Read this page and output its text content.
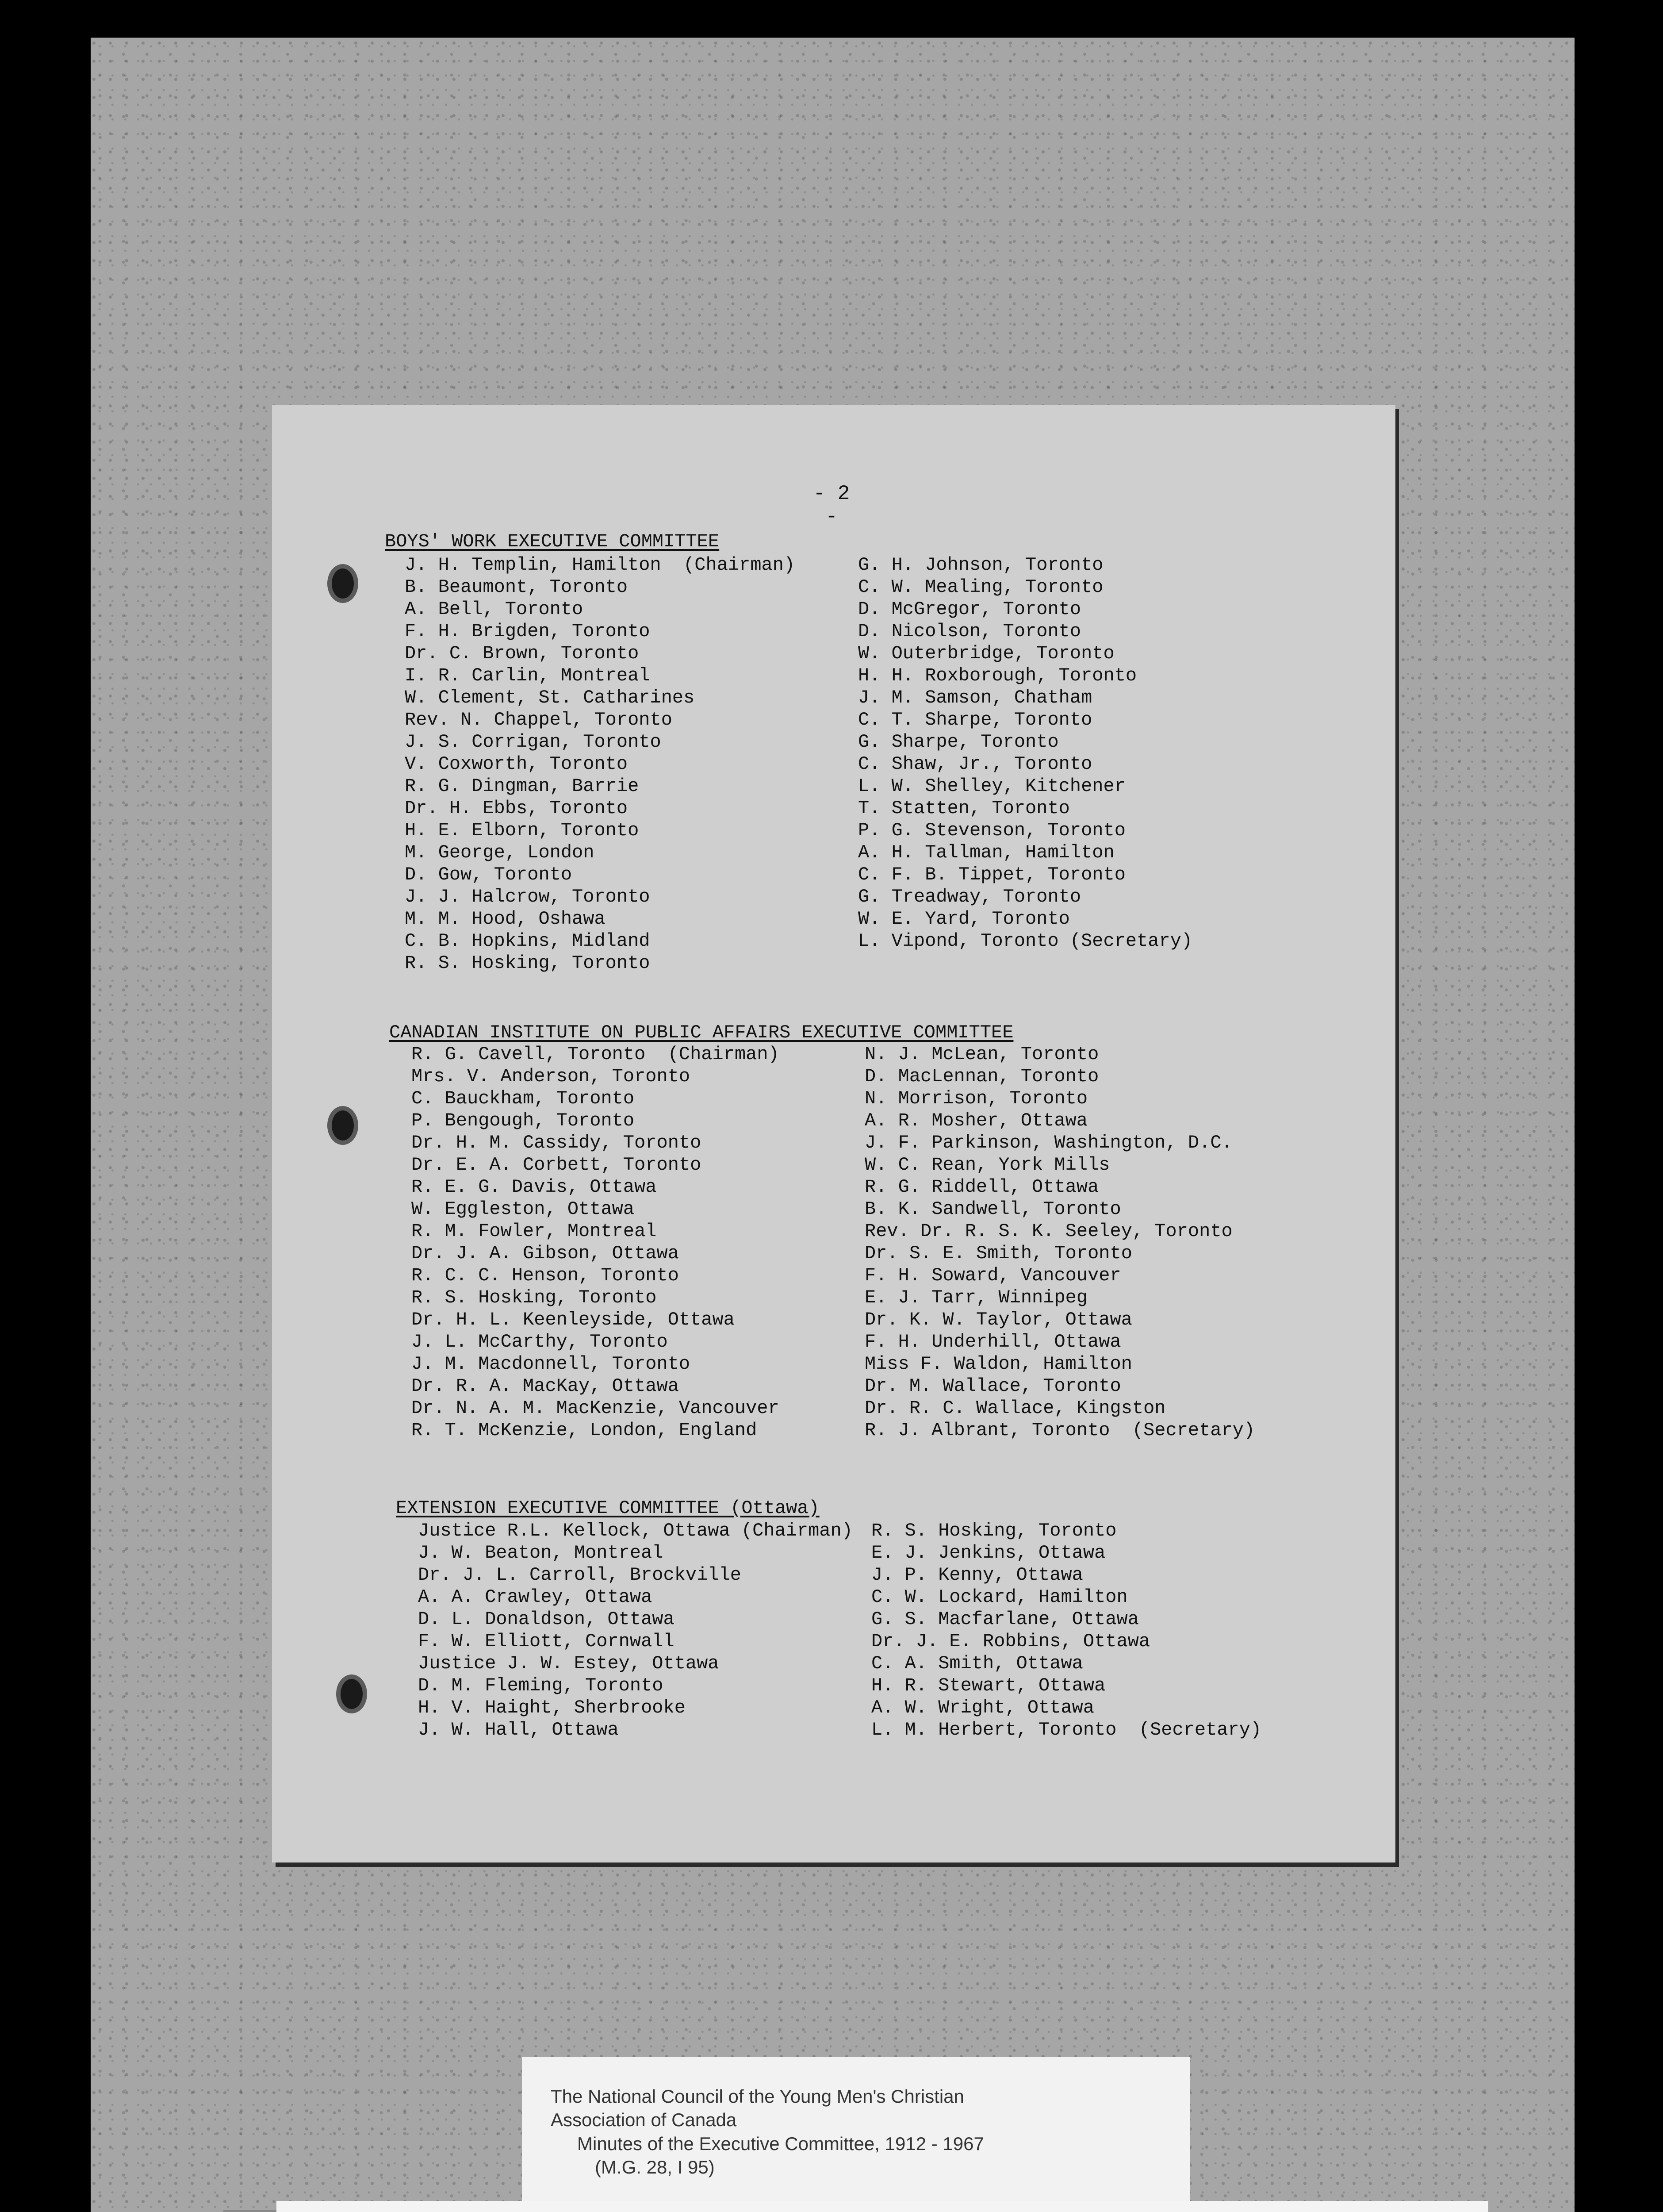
- 2 -
BOYS' WORK EXECUTIVE COMMITTEE
J. H. Templin, Hamilton  (Chairman)
B. Beaumont, Toronto
A. Bell, Toronto
F. H. Brigden, Toronto
Dr. C. Brown, Toronto
I. R. Carlin, Montreal
W. Clement, St. Catharines
Rev. N. Chappel, Toronto
J. S. Corrigan, Toronto
V. Coxworth, Toronto
R. G. Dingman, Barrie
Dr. H. Ebbs, Toronto
H. E. Elborn, Toronto
M. George, London
D. Gow, Toronto
J. J. Halcrow, Toronto
M. M. Hood, Oshawa
C. B. Hopkins, Midland
R. S. Hosking, Toronto
G. H. Johnson, Toronto
C. W. Mealing, Toronto
D. McGregor, Toronto
D. Nicolson, Toronto
W. Outerbridge, Toronto
H. H. Roxborough, Toronto
J. M. Samson, Chatham
C. T. Sharpe, Toronto
G. Sharpe, Toronto
C. Shaw, Jr., Toronto
L. W. Shelley, Kitchener
T. Statten, Toronto
P. G. Stevenson, Toronto
A. H. Tallman, Hamilton
C. F. B. Tippet, Toronto
G. Treadway, Toronto
W. E. Yard, Toronto
L. Vipond, Toronto (Secretary)
CANADIAN INSTITUTE ON PUBLIC AFFAIRS EXECUTIVE COMMITTEE
R. G. Cavell, Toronto  (Chairman)
Mrs. V. Anderson, Toronto
C. Bauckham, Toronto
P. Bengough, Toronto
Dr. H. M. Cassidy, Toronto
Dr. E. A. Corbett, Toronto
R. E. G. Davis, Ottawa
W. Eggleston, Ottawa
R. M. Fowler, Montreal
Dr. J. A. Gibson, Ottawa
R. C. C. Henson, Toronto
R. S. Hosking, Toronto
Dr. H. L. Keenleyside, Ottawa
J. L. McCarthy, Toronto
J. M. Macdonnell, Toronto
Dr. R. A. MacKay, Ottawa
Dr. N. A. M. MacKenzie, Vancouver
R. T. McKenzie, London, England
N. J. McLean, Toronto
D. MacLennan, Toronto
N. Morrison, Toronto
A. R. Mosher, Ottawa
J. F. Parkinson, Washington, D.C.
W. C. Rean, York Mills
R. G. Riddell, Ottawa
B. K. Sandwell, Toronto
Rev. Dr. R. S. K. Seeley, Toronto
Dr. S. E. Smith, Toronto
F. H. Soward, Vancouver
E. J. Tarr, Winnipeg
Dr. K. W. Taylor, Ottawa
F. H. Underhill, Ottawa
Miss F. Waldon, Hamilton
Dr. M. Wallace, Toronto
Dr. R. C. Wallace, Kingston
R. J. Albrant, Toronto  (Secretary)
EXTENSION EXECUTIVE COMMITTEE (Ottawa)
Justice R.L. Kellock, Ottawa (Chairman)
J. W. Beaton, Montreal
Dr. J. L. Carroll, Brockville
A. A. Crawley, Ottawa
D. L. Donaldson, Ottawa
F. W. Elliott, Cornwall
Justice J. W. Estey, Ottawa
D. M. Fleming, Toronto
H. V. Haight, Sherbrooke
J. W. Hall, Ottawa
R. S. Hosking, Toronto
E. J. Jenkins, Ottawa
J. P. Kenny, Ottawa
C. W. Lockard, Hamilton
G. S. Macfarlane, Ottawa
Dr. J. E. Robbins, Ottawa
C. A. Smith, Ottawa
H. R. Stewart, Ottawa
A. W. Wright, Ottawa
L. M. Herbert, Toronto  (Secretary)
The National Council of the Young Men's Christian
Association of Canada
Minutes of the Executive Committee, 1912 - 1967
(M.G. 28, I 95)
